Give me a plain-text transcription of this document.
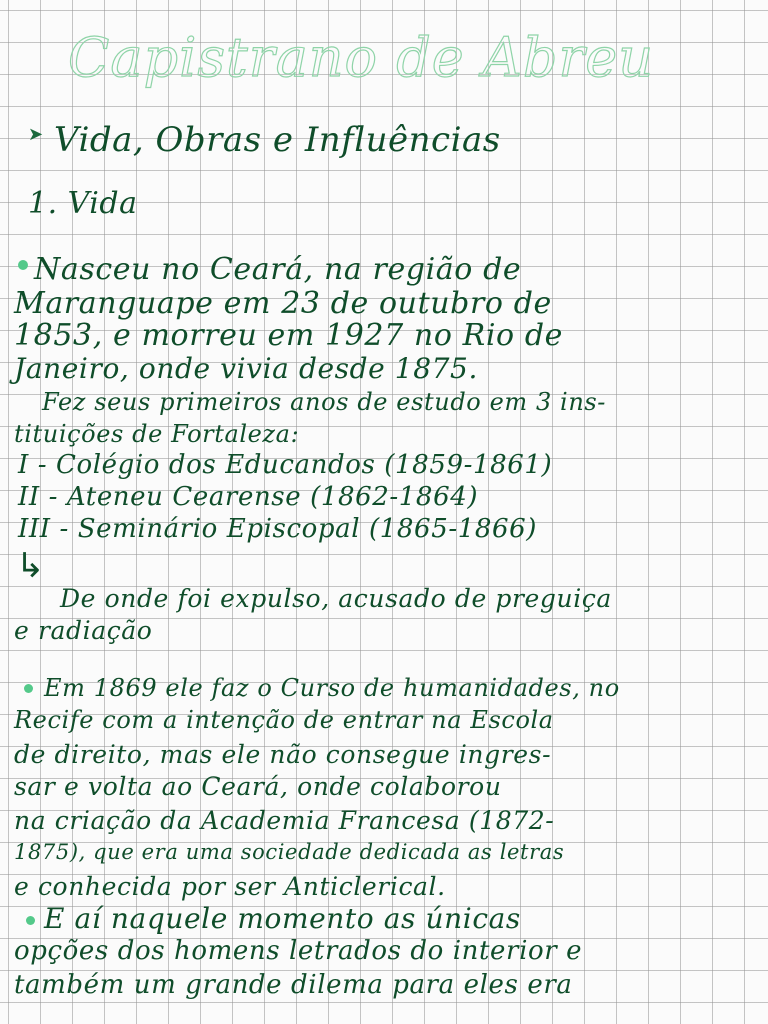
Capistrano de Abreu
➤ Vida, Obras e Influências
1. Vida
Nasceu no Ceará, na região de
Maranguape em 23 de outubro de
1853, e morreu em 1927 no Rio de
Janeiro, onde vivia desde 1875.
Fez seus primeiros anos de estudo em 3 ins-
tituições de Fortaleza:
I - Colégio dos Educandos (1859-1861)
II - Ateneu Cearense (1862-1864)
III - Seminário Episcopal (1865-1866)
↳
De onde foi expulso, acusado de preguiça
e radiação
Em 1869 ele faz o Curso de humanidades, no
Recife com a intenção de entrar na Escola
de direito, mas ele não consegue ingres-
sar e volta ao Ceará, onde colaborou
na criação da Academia Francesa (1872-
1875), que era uma sociedade dedicada as letras
e conhecida por ser Anticlerical.
E aí naquele momento as únicas
opções dos homens letrados do interior e
também um grande dilema para eles era
